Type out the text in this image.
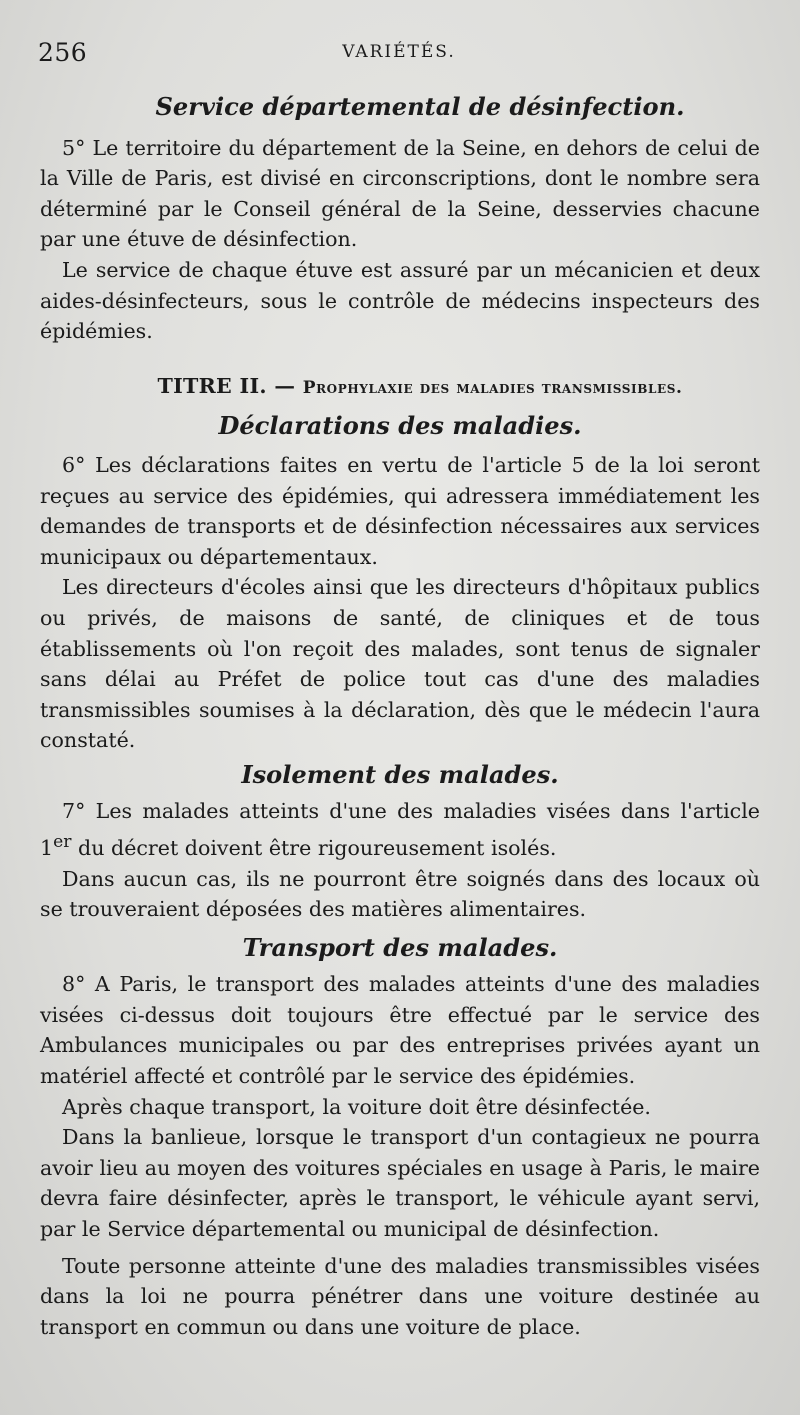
256	VARIÉTÉS.
Service départemental de désinfection.

5° Le territoire du département de la Seine, en dehors de celui de la Ville de Paris, est divisé en circonscriptions, dont le nombre sera déterminé par le Conseil général de la Seine, desservies chacune par une étuve de désinfection.

Le service de chaque étuve est assuré par un mécanicien et deux aides-désinfecteurs, sous le contrôle de médecins inspecteurs des épidémies.

TITRE II. — Prophylaxie des maladies transmissibles.
Déclarations des maladies.

6° Les déclarations faites en vertu de l'article 5 de la loi seront reçues au service des épidémies, qui adressera immédiatement les demandes de transports et de désinfection nécessaires aux services municipaux ou départementaux.

Les directeurs d'écoles ainsi que les directeurs d'hôpitaux publics ou privés, de maisons de santé, de cliniques et de tous établissements où l'on reçoit des malades, sont tenus de signaler sans délai au Préfet de police tout cas d'une des maladies transmissibles soumises à la déclaration, dès que le médecin l'aura constaté.

Isolement des malades.

7° Les malades atteints d'une des maladies visées dans l'article 1er du décret doivent être rigoureusement isolés.

Dans aucun cas, ils ne pourront être soignés dans des locaux où se trouveraient déposées des matières alimentaires.

Transport des malades.

8° A Paris, le transport des malades atteints d'une des maladies visées ci-dessus doit toujours être effectué par le service des Ambulances municipales ou par des entreprises privées ayant un matériel affecté et contrôlé par le service des épidémies.

Après chaque transport, la voiture doit être désinfectée.

Dans la banlieue, lorsque le transport d'un contagieux ne pourra avoir lieu au moyen des voitures spéciales en usage à Paris, le maire devra faire désinfecter, après le transport, le véhicule ayant servi, par le Service départemental ou municipal de désinfection.

Toute personne atteinte d'une des maladies transmissibles visées dans la loi ne pourra pénétrer dans une voiture destinée au transport en commun ou dans une voiture de place.
